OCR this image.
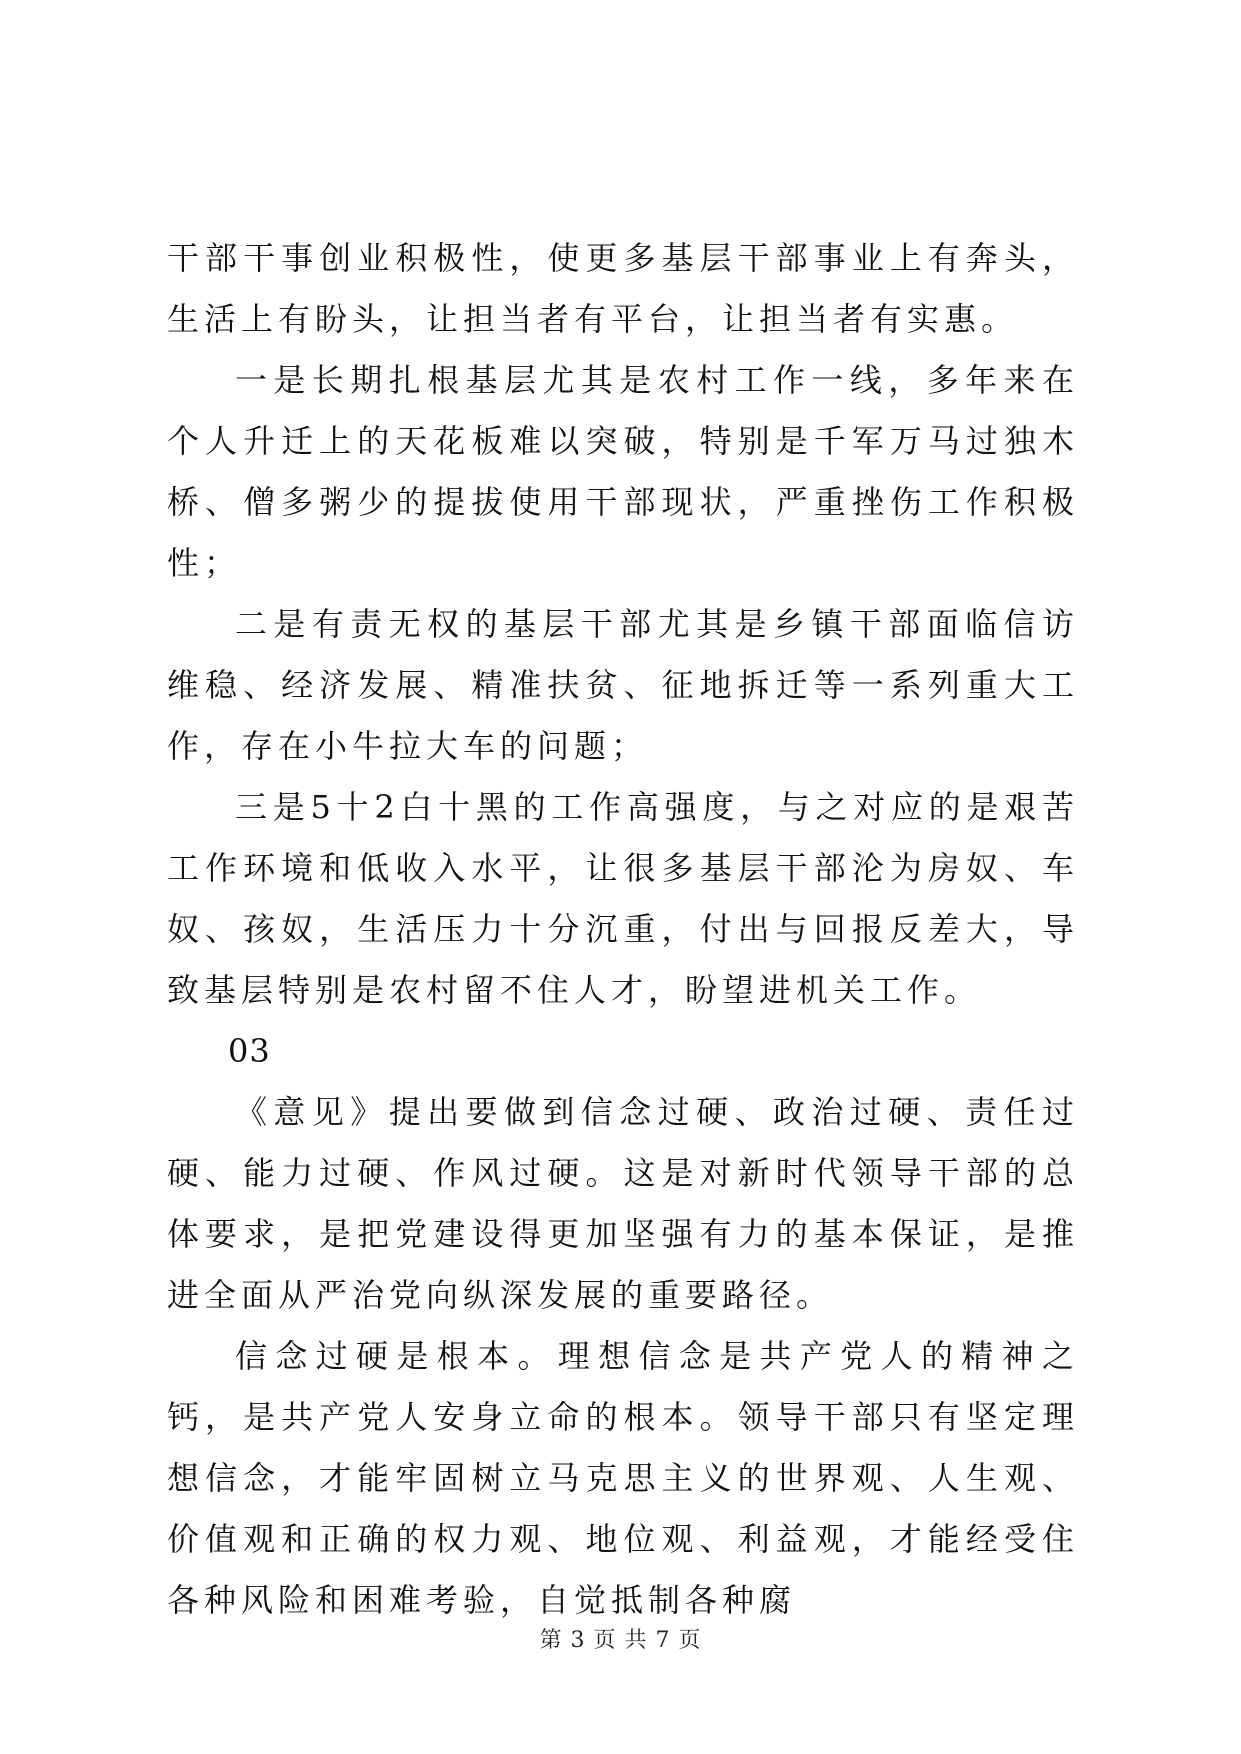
干部干事创业积极性，使更多基层干部事业上有奔头，生活上有盼头，让担当者有平台，让担当者有实惠。

一是长期扎根基层尤其是农村工作一线，多年来在个人升迁上的天花板难以突破，特别是千军万马过独木桥、僧多粥少的提拔使用干部现状，严重挫伤工作积极性；

二是有责无权的基层干部尤其是乡镇干部面临信访维稳、经济发展、精准扶贫、征地拆迁等一系列重大工作，存在小牛拉大车的问题；

三是5十2白十黑的工作高强度，与之对应的是艰苦工作环境和低收入水平，让很多基层干部沦为房奴、车奴、孩奴，生活压力十分沉重，付出与回报反差大，导致基层特别是农村留不住人才，盼望进机关工作。

03

《意见》提出要做到信念过硬、政治过硬、责任过硬、能力过硬、作风过硬。这是对新时代领导干部的总体要求，是把党建设得更加坚强有力的基本保证，是推进全面从严治党向纵深发展的重要路径。

信念过硬是根本。理想信念是共产党人的精神之钙，是共产党人安身立命的根本。领导干部只有坚定理想信念，才能牢固树立马克思主义的世界观、人生观、价值观和正确的权力观、地位观、利益观，才能经受住各种风险和困难考验，自觉抵制各种腐

第 3 页 共 7 页
